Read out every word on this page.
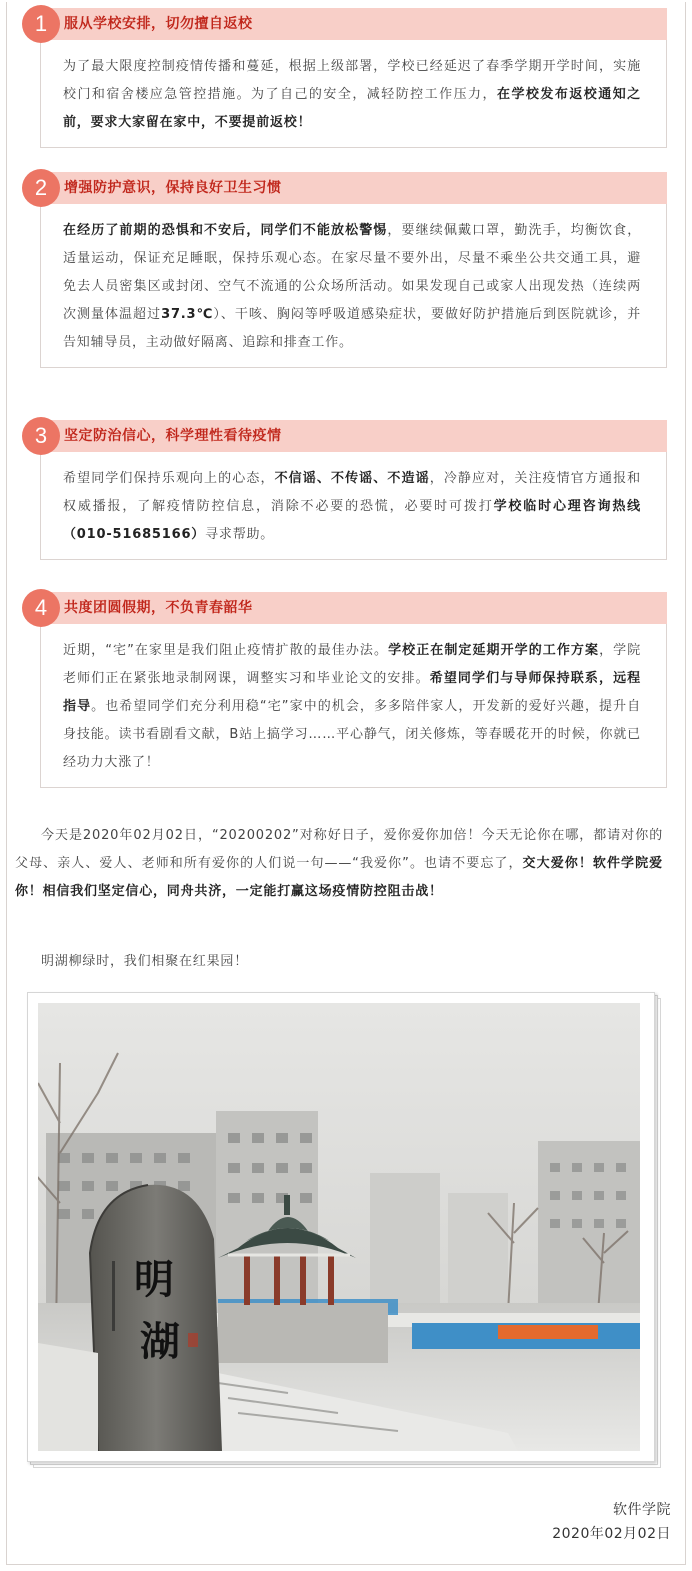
1	服从学校安排，切勿擅自返校
为了最大限度控制疫情传播和蔓延，根据上级部署，学校已经延迟了春季学期开学时间，实施校门和宿舍楼应急管控措施。为了自己的安全，减轻防控工作压力，在学校发布返校通知之前，要求大家留在家中，不要提前返校！
2	增强防护意识，保持良好卫生习惯
在经历了前期的恐惧和不安后，同学们不能放松警惕，要继续佩戴口罩，勤洗手，均衡饮食，适量运动，保证充足睡眠，保持乐观心态。在家尽量不要外出，尽量不乘坐公共交通工具，避免去人员密集区或封闭、空气不流通的公众场所活动。如果发现自己或家人出现发热（连续两次测量体温超过37.3℃）、干咳、胸闷等呼吸道感染症状，要做好防护措施后到医院就诊，并告知辅导员，主动做好隔离、追踪和排查工作。
3	坚定防治信心，科学理性看待疫情
希望同学们保持乐观向上的心态，不信谣、不传谣、不造谣，冷静应对，关注疫情官方通报和权威播报，了解疫情防控信息，消除不必要的恐慌，必要时可拨打学校临时心理咨询热线（010-51685166）寻求帮助。
4	共度团圆假期，不负青春韶华
近期，“宅”在家里是我们阻止疫情扩散的最佳办法。学校正在制定延期开学的工作方案，学院老师们正在紧张地录制网课，调整实习和毕业论文的安排。希望同学们与导师保持联系，远程指导。也希望同学们充分利用稳“宅”家中的机会，多多陪伴家人，开发新的爱好兴趣，提升自身技能。读书看剧看文献，B站上搞学习……平心静气，闭关修炼，等春暖花开的时候，你就已经功力大涨了！
今天是2020年02月02日，“20200202”对称好日子，爱你爱你加倍！今天无论你在哪，都请对你的父母、亲人、爱人、老师和所有爱你的人们说一句——“我爱你”。也请不要忘了，交大爱你！软件学院爱你！相信我们坚定信心，同舟共济，一定能打赢这场疫情防控阻击战！
明湖柳绿时，我们相聚在红果园！
明
湖
软件学院
2020年02月02日
